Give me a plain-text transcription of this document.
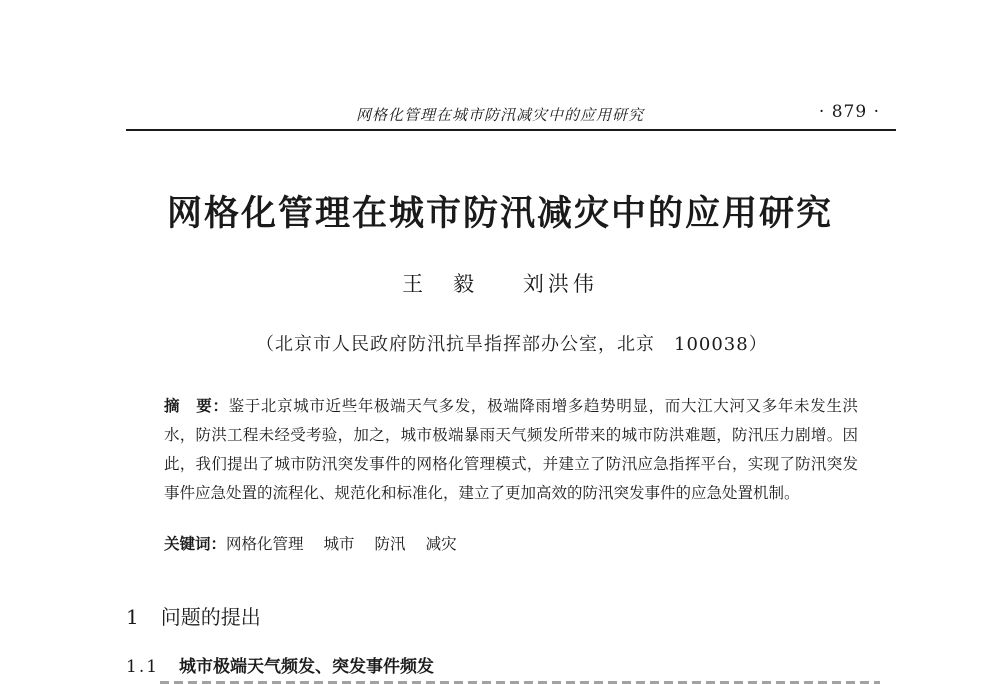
网格化管理在城市防汛减灾中的应用研究	· 879 ·
网格化管理在城市防汛减灾中的应用研究
王毅 刘洪伟
（北京市人民政府防汛抗旱指挥部办公室，北京　100038）
摘　要：鉴于北京城市近些年极端天气多发，极端降雨增多趋势明显，而大江大河又多年未发生洪水，防洪工程未经受考验，加之，城市极端暴雨天气频发所带来的城市防洪难题，防汛压力剧增。因此，我们提出了城市防汛突发事件的网格化管理模式，并建立了防汛应急指挥平台，实现了防汛突发事件应急处置的流程化、规范化和标准化，建立了更加高效的防汛突发事件的应急处置机制。
关键词：网格化管理 城市 防汛 减灾
1 问题的提出
1.1 城市极端天气频发、突发事件频发
